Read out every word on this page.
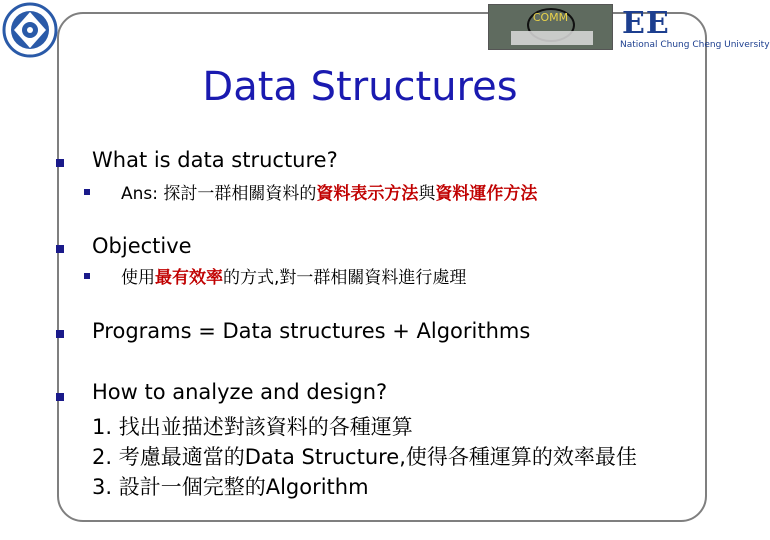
COMM	EE
National Chung Cheng University
Data Structures
What is data structure?
Ans: 探討一群相關資料的資料表示方法與資料運作方法
Objective
使用最有效率的方式,對一群相關資料進行處理
Programs = Data structures + Algorithms
How to analyze and design?
1. 找出並描述對該資料的各種運算
2. 考慮最適當的Data Structure,使得各種運算的效率最佳
3. 設計一個完整的Algorithm
